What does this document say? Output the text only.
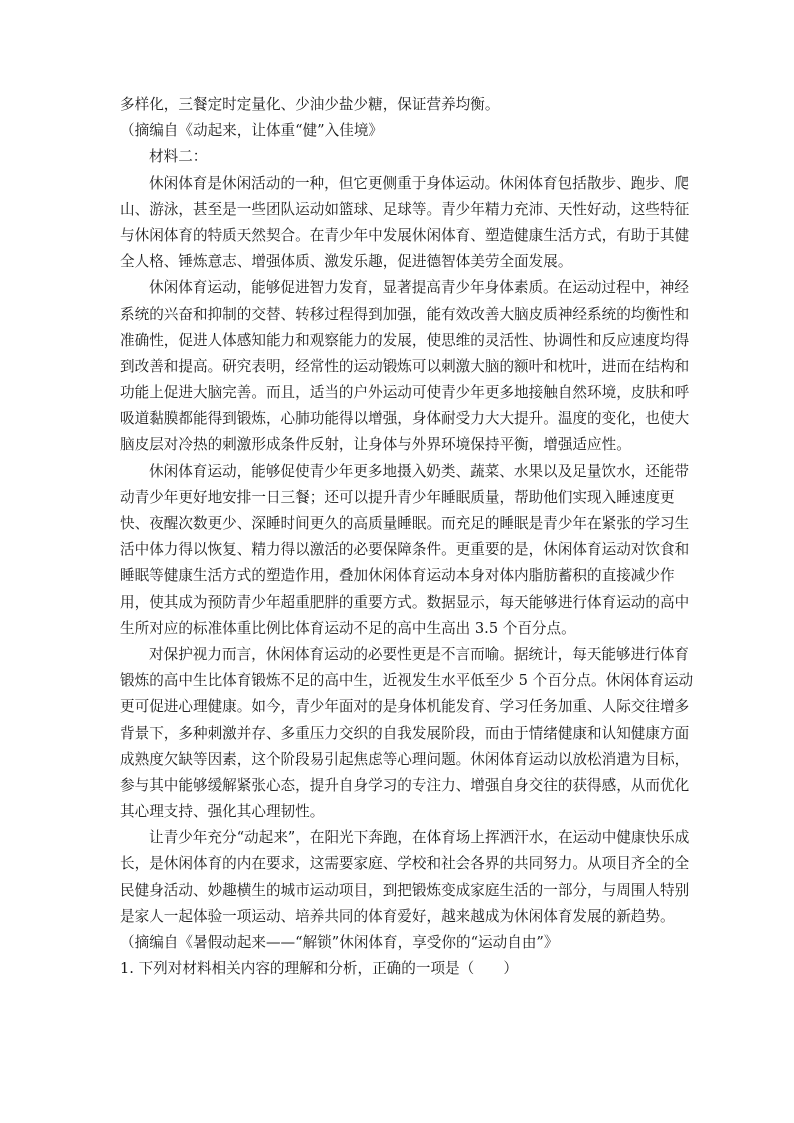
多样化，三餐定时定量化、少油少盐少糖，保证营养均衡。
（摘编自《动起来，让体重“健”入佳境》
材料二：
休闲体育是休闲活动的一种，但它更侧重于身体运动。休闲体育包括散步、跑步、爬
山、游泳，甚至是一些团队运动如篮球、足球等。青少年精力充沛、天性好动，这些特征
与休闲体育的特质天然契合。在青少年中发展休闲体育、塑造健康生活方式，有助于其健
全人格、锤炼意志、增强体质、激发乐趣，促进德智体美劳全面发展。
休闲体育运动，能够促进智力发育，显著提高青少年身体素质。在运动过程中，神经
系统的兴奋和抑制的交替、转移过程得到加强，能有效改善大脑皮质神经系统的均衡性和
准确性，促进人体感知能力和观察能力的发展，使思维的灵活性、协调性和反应速度均得
到改善和提高。研究表明，经常性的运动锻炼可以刺激大脑的额叶和枕叶，进而在结构和
功能上促进大脑完善。而且，适当的户外运动可使青少年更多地接触自然环境，皮肤和呼
吸道黏膜都能得到锻炼，心肺功能得以增强，身体耐受力大大提升。温度的变化，也使大
脑皮层对冷热的刺激形成条件反射，让身体与外界环境保持平衡，增强适应性。
休闲体育运动，能够促使青少年更多地摄入奶类、蔬菜、水果以及足量饮水，还能带
动青少年更好地安排一日三餐；还可以提升青少年睡眠质量，帮助他们实现入睡速度更
快、夜醒次数更少、深睡时间更久的高质量睡眠。而充足的睡眠是青少年在紧张的学习生
活中体力得以恢复、精力得以激活的必要保障条件。更重要的是，休闲体育运动对饮食和
睡眠等健康生活方式的塑造作用，叠加休闲体育运动本身对体内脂肪蓄积的直接减少作
用，使其成为预防青少年超重肥胖的重要方式。数据显示，每天能够进行体育运动的高中
生所对应的标准体重比例比体育运动不足的高中生高出 3.5 个百分点。
对保护视力而言，休闲体育运动的必要性更是不言而喻。据统计，每天能够进行体育
锻炼的高中生比体育锻炼不足的高中生，近视发生水平低至少 5 个百分点。休闲体育运动
更可促进心理健康。如今，青少年面对的是身体机能发育、学习任务加重、人际交往增多
背景下，多种刺激并存、多重压力交织的自我发展阶段，而由于情绪健康和认知健康方面
成熟度欠缺等因素，这个阶段易引起焦虑等心理问题。休闲体育运动以放松消遣为目标，
参与其中能够缓解紧张心态，提升自身学习的专注力、增强自身交往的获得感，从而优化
其心理支持、强化其心理韧性。
让青少年充分“动起来”，在阳光下奔跑，在体育场上挥洒汗水，在运动中健康快乐成
长，是休闲体育的内在要求，这需要家庭、学校和社会各界的共同努力。从项目齐全的全
民健身活动、妙趣横生的城市运动项目，到把锻炼变成家庭生活的一部分，与周围人特别
是家人一起体验一项运动、培养共同的体育爱好，越来越成为休闲体育发展的新趋势。
（摘编自《暑假动起来——“解锁”休闲体育，享受你的“运动自由”》
1. 下列对材料相关内容的理解和分析，正确的一项是（　　）
